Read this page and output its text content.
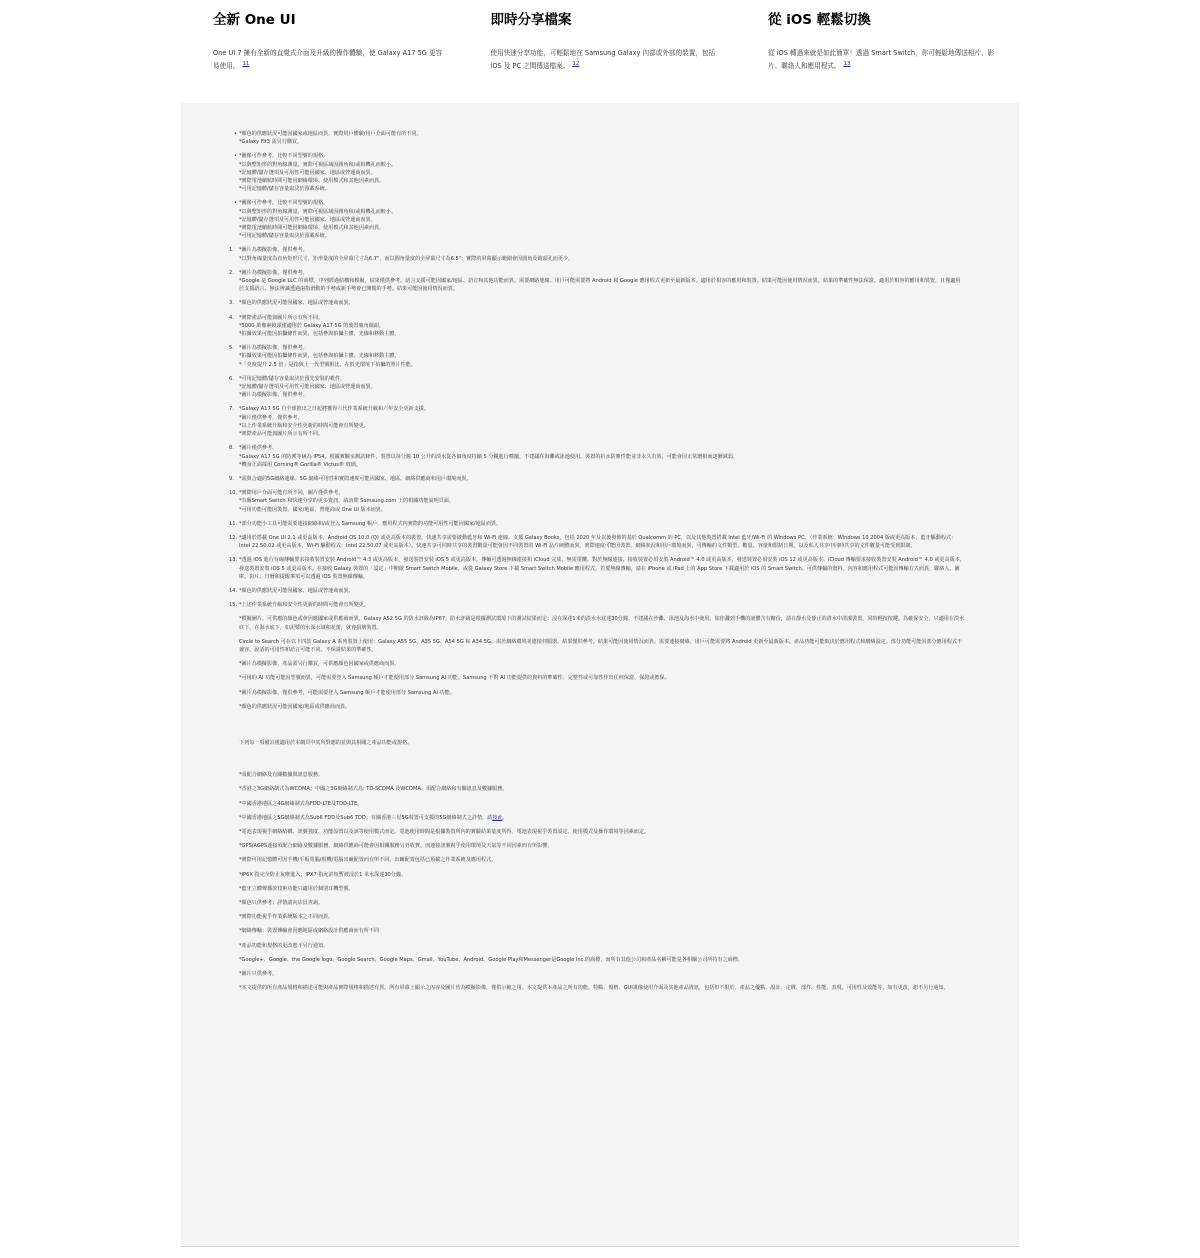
全新 One UI

One UI 7 擁有全新的直覺式介面及升級的操作體驗，使 Galaxy A17 5G 更容易使用。 $^{11}$

即時分享檔案

使用快速分享功能，可輕鬆地在 Samsung Galaxy 內部或外部的裝置，包括 iOS 及 PC 之間傳送檔案。 $^{12}$

從 iOS 輕鬆切換

從 iOS 轉過來就是如此簡單！透過 Smart Switch，你可輕鬆地傳送相片、影片、聯絡人和應用程式。 $^{13}$

• *顏色的供應狀況可能因國家或地區而異，實際用戶體驗/用戶介面可能有所不同。
*Galaxy Fit3 需另行購買。
• *圖像可作參考，比較不同型號的規格。
*以與整矩形的對角線測量，實際可視區域因圓角和/或相機孔而較小。
*記憶體/儲存選項及可用性可能因國家、地區或營運商而異。
*實際電池續航時間可能因網絡環境、使用模式和其他因素而異。
*可用記憶體/儲存容量取決於預載系統。
• *圖像可作參考，比較不同型號的規格。
*以與整矩形的對角線測量，實際可視區域因圓角和/或相機孔而較小。
*記憶體/儲存選項及可用性可能因國家、地區或營運商而異。
*實際電池續航時間可能因網絡環境、使用模式和其他因素而異。
*可用記憶體/儲存容量取決於預載系統。
1. *圖片為模擬影像，僅供參考。
*以對角線量度為直角矩形尺寸，矩形量度的全屏幕尺寸為6.7"，而以圓角量度的全屏幕尺寸為6.5"；實際的屏幕顯示範圍會因圓角及鏡頭孔而更少。
2. *圖片為模擬影像，僅供參考。
*Google 是 Google LLC 的商標。序列經過結構和模擬，結果僅供參考。語言支援可能因國家/地區、語音和其他功能而異。需要網路連線。用戶可能需要將 Android 和 Google 應用程式更新至最新版本。適用於相容的應用和裝置。結果可能因使用情況而異。結果的準確性無法保證。適用於相容的應用和裝置，且僅適用於支援語言。無法辨識透過兩指滑動的手勢或新手勢會已開閉的手勢。結果可能因使用情況而異。
3. *顏色的供應狀況可能因國家、地區或營運商而異。
4. *實際產品可能與圖片所示有所不同。
*5000 萬像素鏡頭僅適用於 Galaxy A17 5G 的後置廣角鏡頭。
*拍攝效果可能因拍攝條件而異，包括參與拍攝主體、光線和移動主體。
5. *圖片為模擬影像，僅供參考。
*拍攝效果可能因拍攝條件而異，包括參與拍攝主體、光線和移動主體。
*「亮度提升 2.5 倍」是指與上一代型號相比，在低光環境下拍攝的照片性能。
6. *可用記憶體/儲存容量取決於預先安裝的軟件。
*記憶體/儲存選項及可用性可能因國家、地區或營運商而異。
*圖片為模擬影像，僅供參考。
7. *Galaxy A17 5G 自全球推出之日起將獲得六代作業系統升級和六年安全更新支援。
*圖片僅供參考，僅供參考。
*以上作業系統升級和安全性更新的時間可能會有所變更。
*實際產品可能與圖片所示有所不同。
8. *圖片僅供參考。
*Galaxy A17 5G 的防護等級為 IP54，根據實驗室測試條件，裝置以每分鐘 10 公升的淡水從各個角度持續 5 分鐘進行噴灑。不建議在海灘或泳池使用。裝置的抗水防塵性能並非永久有效，可能會因正常磨損而逐漸減弱。
*機身正面採用 Corning® Gorilla® Victus® 玻璃。
9. *需與合適的5G網絡連線。5G 網絡可用性和實際速度可能因國家、地區、網絡供應商和用戶環境而異。
10. *實際用戶介面可能有所不同，圖片僅供參考。
*有關Smart Switch 和快速分享的更多資訊，請訪問 Samsung.com 上的相關功能說明頁面。
*可用功能可能因裝置、國家/地區、營運商或 One UI 版本而異。
11. *部分功能小工具可能需要連接網絡和/或登入 Samsung 帳戶，應用程式內實際的功能可用性可能因國家/地區而異。
12. *適用於搭載 One UI 2.1 或更高版本，Android OS 10.0 (Q) 或更高版本的裝置。快速共享需要啟動藍牙和 Wi-Fi 連線。支援 Galaxy Books，包括 2020 年及以後發佈的基於 Qualcomm 的 PC，以及其他裝置搭載 Intel 藍牙/Wi-Fi 的 Windows PC。（作業系統：Windows 10 2004 版或更高版本，藍牙驅動程式：Intel 22.50.02 或更高版本，Wi-Fi 驅動程式：Intel 22.50.07 或更高版本）。快速共享可同時共享的裝置數量可能會因不同裝置的 Wi-Fi 晶片硬體而異。實際速度可能因裝置、網絡狀況和用戶環境而異，可傳輸的文件類型、數量、容量和限制日期，以及私人共享中同時共享的文件數量可能受到限制。
13. *透過 iOS 進行有線傳輸要求接收裝置安裝 Android™ 4.3 或更高版本，發送裝置安裝 iOS 5 或更高版本。傳輸可透過無線連接和 iCloud 完成，無需電纜。對於無線連接，接收裝置必須安裝 Android™ 4.0 或更高版本，發送裝置必須安裝 iOS 12 或更高版本。iCloud 傳輸要求接收裝置安裝 Android™ 4.0 或更高版本，發送裝置安裝 iOS 5 或更高版本。在接收 Galaxy 裝置的「設定」中開啟 Smart Switch Mobile，或從 Galaxy Store 下載 Smart Switch Mobile 應用程式。若要無線傳輸，請在 iPhone 或 iPad 上的 App Store 下載適用於 iOS 的 Smart Switch。可供傳輸的資料、內容和應用程式可能因傳輸方式而異，聯絡人、圖庫、影片、日曆和提醒事項可以透過 iOS 裝置無線傳輸。
14. *顏色的供應狀況可能因國家、地區或營運商而異。
15. *上述作業系統升級和安全性更新的時間可能會有所變更。
*模擬圖片。可供應的顏色或會因應國家或供應商而異。Galaxy A52 5G 的防水評級為IP67。防水評級是根據測試環境下的測試結果而定：浸在深達1米的淡水水底達30分鐘。不建議在沙灘、泳池及海水中使用。如你濺到手機的液體含有糖份，請在靜水及靜止的清水中清潔裝置，同時輕按按鍵。為確保安全，只適用在淡水底下，在海水底下，如泥漿的水深水域和花蕾，就會損壞裝置。
Circle to Search 可在以下四款 Galaxy A 系列裝置上使用：Galaxy A55 5G、A35 5G、A54 5G 和 A34 5G。需於網絡環境並連接伺服器。結果僅供參考。結果可能因使用情況而異。需要連接網絡。用戶可能需要將 Android 更新至最新版本。產品功能可能取決於應用程式和網絡設定。部分功能可能因部分應用程式不兼容。說話的可用性和語言可能不同。不保證結果的準確性。
*圖片為模擬影像，產品需另行購買，可供應顏色因國家或供應商而異。
*可用的 AI 功能可能因型號而異，可能需要登入 Samsung 帳戶才能使用部分 Samsung AI 功能。Samsung 不對 AI 功能提供的資料的準確性、完整性或可靠性作出任何保證、保證或擔保。
*圖片為模擬影像，僅供參考，可能需要登入 Samsung 帳戶才能使用部分 Samsung AI 功能。
*顏色的供應狀況可能因國家/地區或供應商而異。
下列每一項備註僅適用於本網頁中其所對應的並與其相關之產品功能或規格。
*須配合網絡及有關數據與訊息服務。
*香港之3G網絡制式為WCDMA；中國之3G網絡制式為: TD-SCDMA 及WCDMA。須配合網絡和有關訊息及數據服務。
*中國香港地區之4G網絡制式為FDD-LTE及TDD-LTE。
*中國香港地區之5G網絡制式為Sub6 FDD及Sub6 TDD。有關香港三星5G裝置可支援的5G網絡制式之詳情，請按此。
*電池表現視乎網絡結構、訊號強度、功能設置以及該等使用模式而定。電池使用時間是根據裝置所內的實驗結果量度所得。電池表現視乎裝置設定、使用模式及操作環境等因素而定。
*GPS/AGPS連接須配合網絡及數據服務，網絡供應商可能會因相關服務另外收費。而連接訊號視乎使用環境及天氣等不同因素而有所影響。
*實際可用記憶體可因手機/平板電腦/相機/電腦出廠配置而有所不同，出廠配置包括已預載之作業系統及應用程式。
*IP6X 指完全防止灰塵進入；IPX7 指允許短暫被浸於1 米水深達30分鐘。
*藍牙立體聲播放技術功能只適用於個別耳機型號。
*顏色只供參考；詳情請向店員查詢。
*實際功能視乎作業系統版本之不同而異。
*網絡傳輸：裝置傳輸會因應地區或網絡設計供應商而有所不同
*產品功能和規格的更改恕不另行通知。
*Google+、Google、the Google logo、Google Search、Google Maps、Gmail、YouTube、Android、Google Play和Messenger是Google Inc.的商標，而所有其他公司和產品名稱可能是各相關公司所持有之商標。
*圖片只供參考。
*本文提供的所有產品規格和描述可能與產品實際規格和描述有異。所有屏幕上顯示之內容及圖片皆為模擬影像，僅供示範之用。本文提供本產品之所有功能、特點、規格、GUI畫像使用介面及其他產品資訊，包括但不限於，產品之優點、設計、定價、部件、性能、表現、可用性及效能等，如有更改，恕不另行通知。
